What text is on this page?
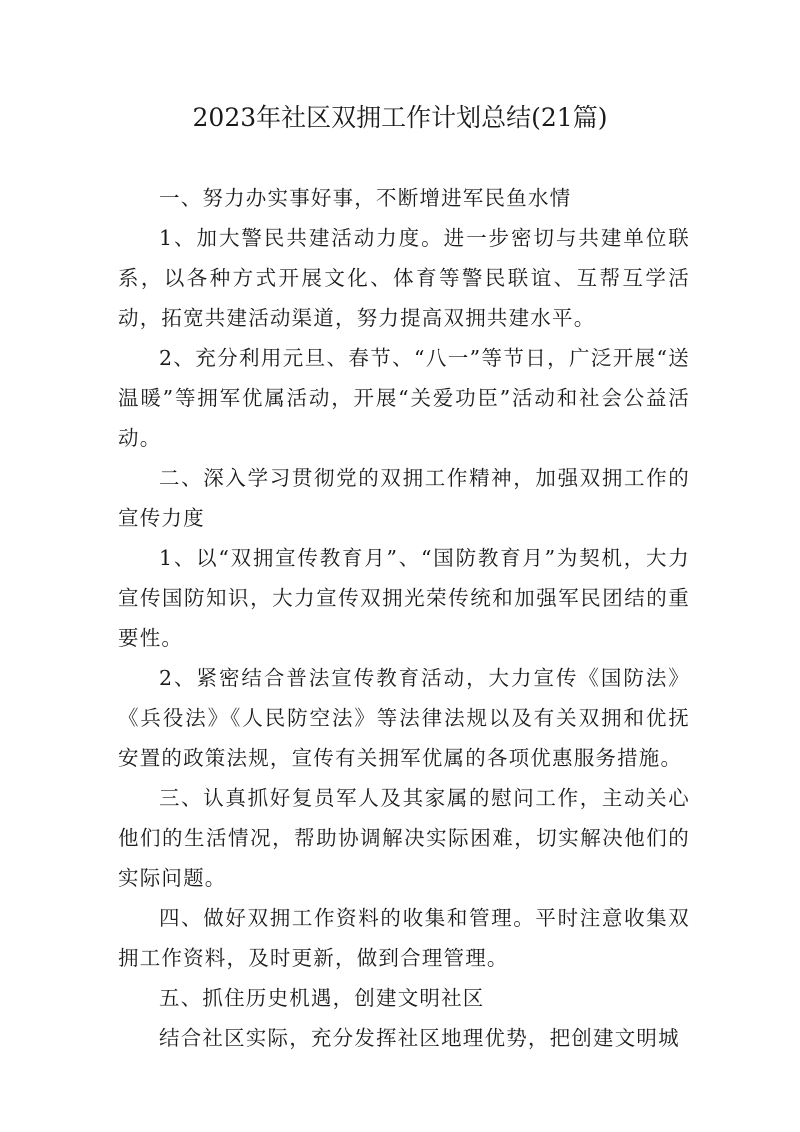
2023年社区双拥工作计划总结(21篇)

一、努力办实事好事，不断增进军民鱼水情

1、加大警民共建活动力度。进一步密切与共建单位联系，以各种方式开展文化、体育等警民联谊、互帮互学活动，拓宽共建活动渠道，努力提高双拥共建水平。

2、充分利用元旦、春节、“八一”等节日，广泛开展“送温暖”等拥军优属活动，开展“关爱功臣”活动和社会公益活动。

二、深入学习贯彻党的双拥工作精神，加强双拥工作的宣传力度

1、以“双拥宣传教育月”、“国防教育月”为契机，大力宣传国防知识，大力宣传双拥光荣传统和加强军民团结的重要性。

2、紧密结合普法宣传教育活动，大力宣传《国防法》《兵役法》《人民防空法》等法律法规以及有关双拥和优抚安置的政策法规，宣传有关拥军优属的各项优惠服务措施。

三、认真抓好复员军人及其家属的慰问工作，主动关心他们的生活情况，帮助协调解决实际困难，切实解决他们的实际问题。

四、做好双拥工作资料的收集和管理。平时注意收集双拥工作资料，及时更新，做到合理管理。

五、抓住历史机遇，创建文明社区

结合社区实际，充分发挥社区地理优势，把创建文明城
